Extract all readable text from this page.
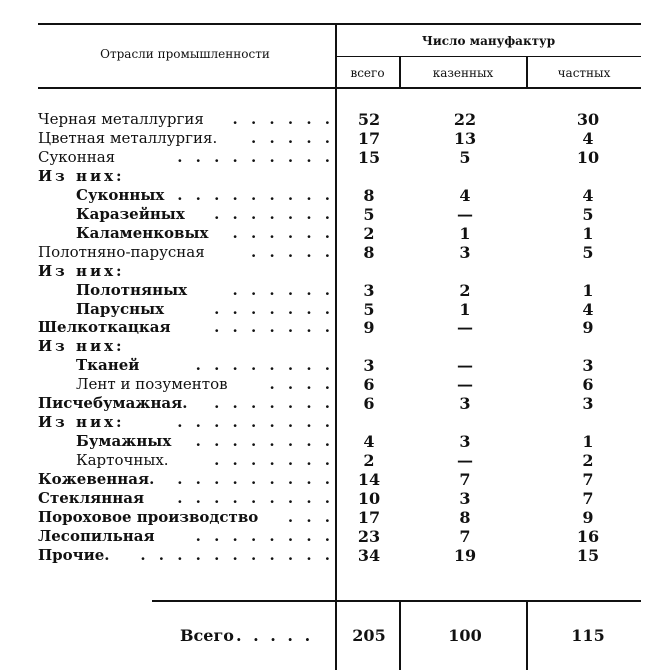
Отрасли промышленности
Число мануфактур
всего	казенных	частных
Черная металлургия . . . . . .	52	22	30
Цветная металлургия. . . . . .	17	13	4
Суконная	. . . . . . . . .	15	5	10
Из них:
Суконных . . . . . . . . .	8	4	4
Каразейных . . . . . . .	5	—	5
Каламенковых . . . . . .	2	1	1
Полотняно-парусная	. . . . .	8	3	5
Из них:
Полотняных	. . . . . .	3	2	1
Парусных	. . . . . . .	5	1	4
Шелкоткацкая	. . . . . . .	9	—	9
Из них:
Тканей	. . . . . . . .	3	—	3
Лент и позументов	. . . .	6	—	6
Писчебумажная. . . . . . . .	6	3	3
Из них:	. . . . . . . . .
Бумажных . . . . . . . .	4	3	1
Карточных.	. . . . . . .	2	—	2
Кожевенная. . . . . . . . . .	14	7	7
Стеклянная . . . . . . . . .	10	3	7
Пороховое производство . . .	17	8	9
Лесопильная	. . . . . . . .	23	7	16
Прочие. . . . . . . . . . . .	34	19	15
Всего . . . . .	205	100	115
